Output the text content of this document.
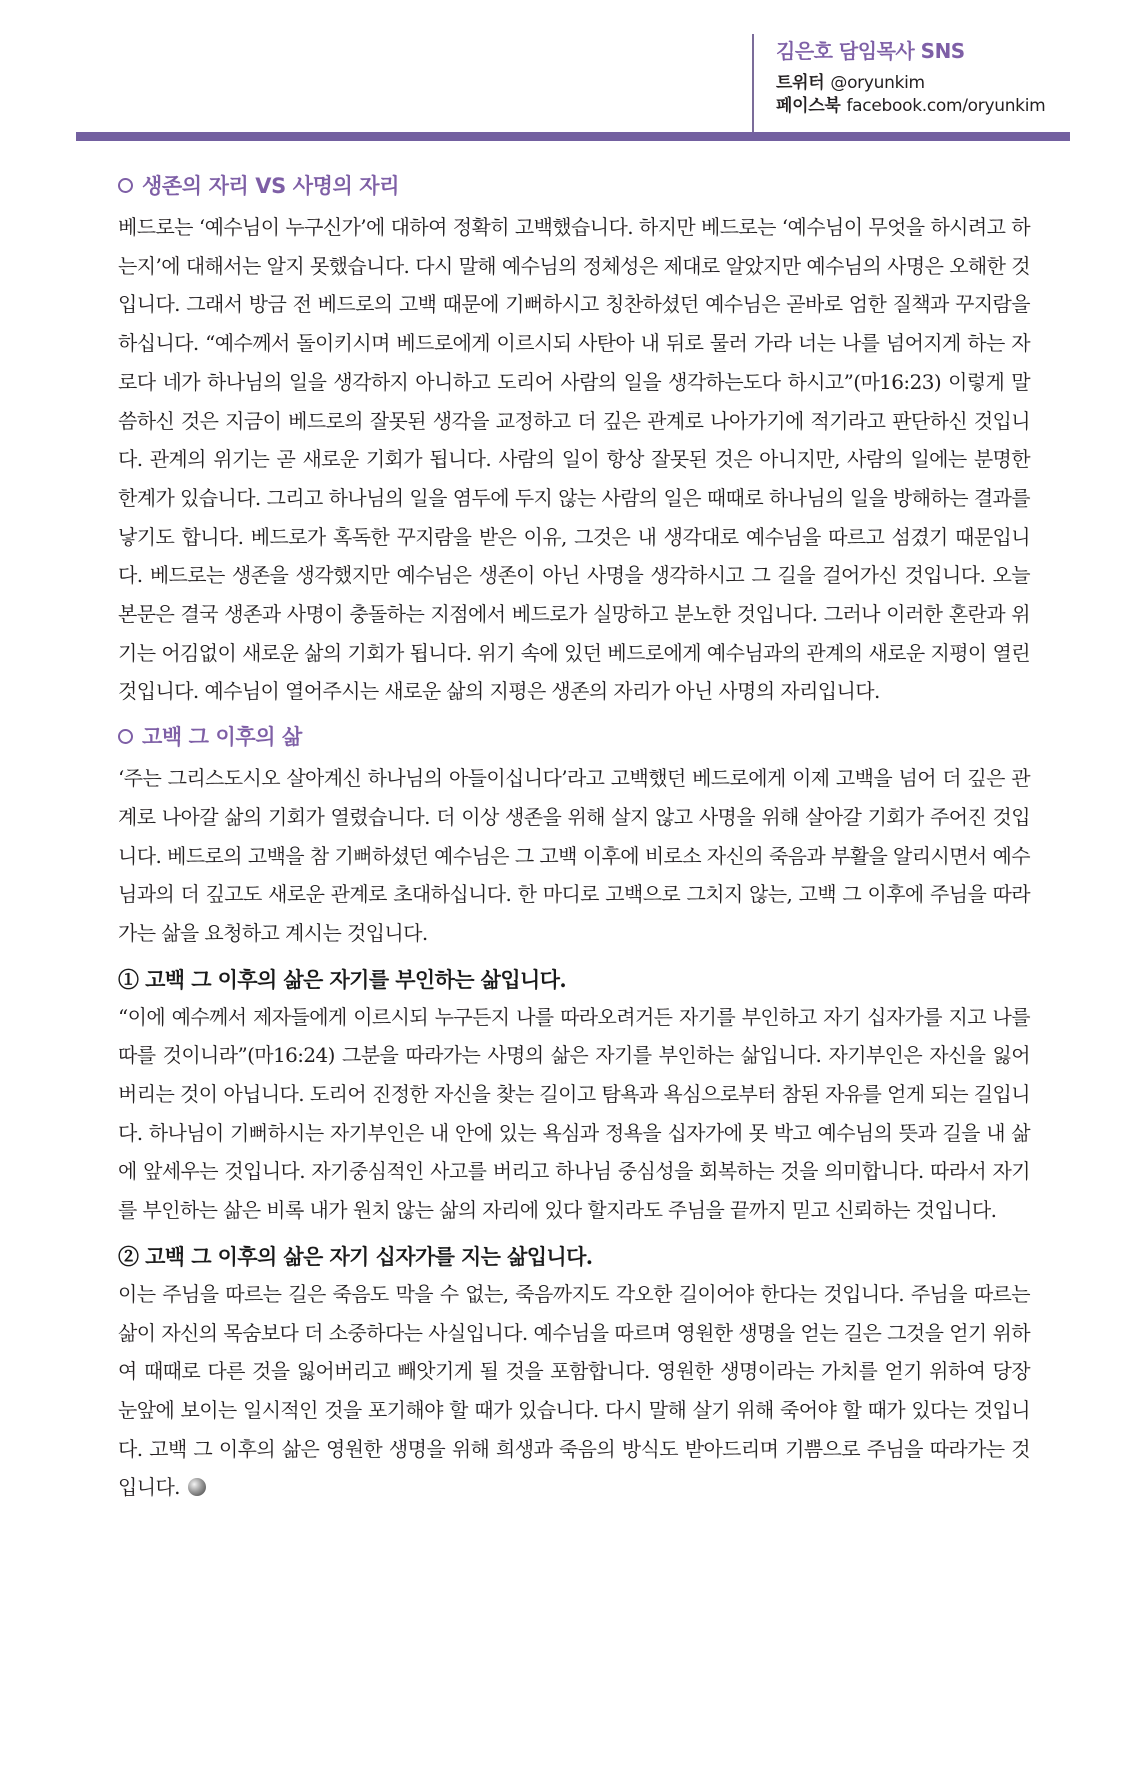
김은호 담임목사 SNS
트위터 @oryunkim
페이스북 facebook.com/oryunkim
생존의 자리 VS 사명의 자리
베드로는 ‘예수님이 누구신가’에 대하여 정확히 고백했습니다. 하지만 베드로는 ‘예수님이 무엇을 하시려고 하는지’에 대해서는 알지 못했습니다. 다시 말해 예수님의 정체성은 제대로 알았지만 예수님의 사명은 오해한 것입니다. 그래서 방금 전 베드로의 고백 때문에 기뻐하시고 칭찬하셨던 예수님은 곧바로 엄한 질책과 꾸지람을 하십니다. “예수께서 돌이키시며 베드로에게 이르시되 사탄아 내 뒤로 물러 가라 너는 나를 넘어지게 하는 자로다 네가 하나님의 일을 생각하지 아니하고 도리어 사람의 일을 생각하는도다 하시고”(마16:23) 이렇게 말씀하신 것은 지금이 베드로의 잘못된 생각을 교정하고 더 깊은 관계로 나아가기에 적기라고 판단하신 것입니다. 관계의 위기는 곧 새로운 기회가 됩니다. 사람의 일이 항상 잘못된 것은 아니지만, 사람의 일에는 분명한 한계가 있습니다. 그리고 하나님의 일을 염두에 두지 않는 사람의 일은 때때로 하나님의 일을 방해하는 결과를 낳기도 합니다. 베드로가 혹독한 꾸지람을 받은 이유, 그것은 내 생각대로 예수님을 따르고 섬겼기 때문입니다. 베드로는 생존을 생각했지만 예수님은 생존이 아닌 사명을 생각하시고 그 길을 걸어가신 것입니다. 오늘 본문은 결국 생존과 사명이 충돌하는 지점에서 베드로가 실망하고 분노한 것입니다. 그러나 이러한 혼란과 위기는 어김없이 새로운 삶의 기회가 됩니다. 위기 속에 있던 베드로에게 예수님과의 관계의 새로운 지평이 열린 것입니다. 예수님이 열어주시는 새로운 삶의 지평은 생존의 자리가 아닌 사명의 자리입니다.
고백 그 이후의 삶
‘주는 그리스도시오 살아계신 하나님의 아들이십니다’라고 고백했던 베드로에게 이제 고백을 넘어 더 깊은 관계로 나아갈 삶의 기회가 열렸습니다. 더 이상 생존을 위해 살지 않고 사명을 위해 살아갈 기회가 주어진 것입니다. 베드로의 고백을 참 기뻐하셨던 예수님은 그 고백 이후에 비로소 자신의 죽음과 부활을 알리시면서 예수님과의 더 깊고도 새로운 관계로 초대하십니다. 한 마디로 고백으로 그치지 않는, 고백 그 이후에 주님을 따라가는 삶을 요청하고 계시는 것입니다.
① 고백 그 이후의 삶은 자기를 부인하는 삶입니다.
“이에 예수께서 제자들에게 이르시되 누구든지 나를 따라오려거든 자기를 부인하고 자기 십자가를 지고 나를 따를 것이니라”(마16:24) 그분을 따라가는 사명의 삶은 자기를 부인하는 삶입니다. 자기부인은 자신을 잃어버리는 것이 아닙니다. 도리어 진정한 자신을 찾는 길이고 탐욕과 욕심으로부터 참된 자유를 얻게 되는 길입니다. 하나님이 기뻐하시는 자기부인은 내 안에 있는 욕심과 정욕을 십자가에 못 박고 예수님의 뜻과 길을 내 삶에 앞세우는 것입니다. 자기중심적인 사고를 버리고 하나님 중심성을 회복하는 것을 의미합니다. 따라서 자기를 부인하는 삶은 비록 내가 원치 않는 삶의 자리에 있다 할지라도 주님을 끝까지 믿고 신뢰하는 것입니다.
② 고백 그 이후의 삶은 자기 십자가를 지는 삶입니다.
이는 주님을 따르는 길은 죽음도 막을 수 없는, 죽음까지도 각오한 길이어야 한다는 것입니다. 주님을 따르는 삶이 자신의 목숨보다 더 소중하다는 사실입니다. 예수님을 따르며 영원한 생명을 얻는 길은 그것을 얻기 위하여 때때로 다른 것을 잃어버리고 빼앗기게 될 것을 포함합니다. 영원한 생명이라는 가치를 얻기 위하여 당장 눈앞에 보이는 일시적인 것을 포기해야 할 때가 있습니다. 다시 말해 살기 위해 죽어야 할 때가 있다는 것입니다. 고백 그 이후의 삶은 영원한 생명을 위해 희생과 죽음의 방식도 받아드리며 기쁨으로 주님을 따라가는 것입니다.
